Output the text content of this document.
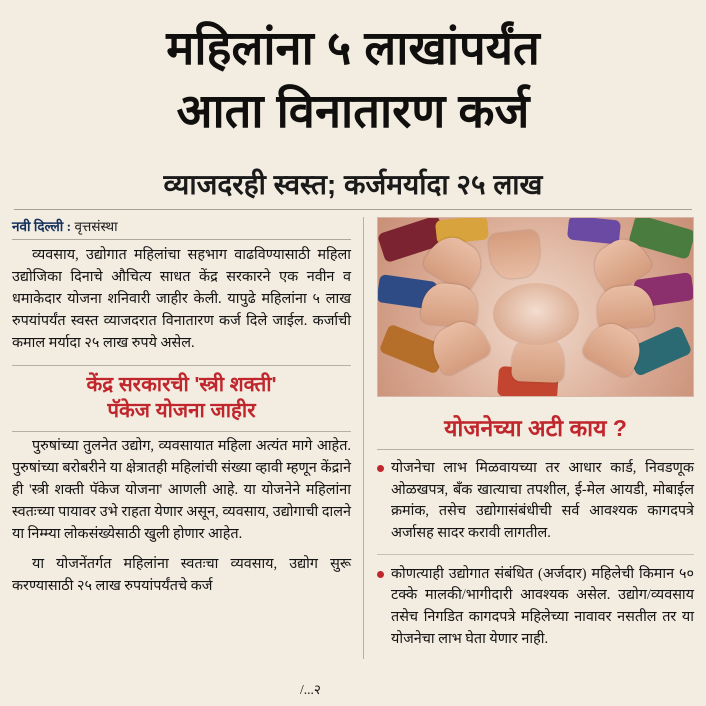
महिलांना ५ लाखांपर्यंत
आता विनातारण कर्ज
व्याजदरही स्वस्त; कर्जमर्यादा २५ लाख
नवी दिल्ली : वृत्तसंस्था

व्यवसाय, उद्योगात महिलांचा सहभाग वाढविण्यासाठी महिला उद्योजिका दिनाचे औचित्य साधत केंद्र सरकारने एक नवीन व धमाकेदार योजना शनिवारी जाहीर केली. यापुढे महिलांना ५ लाख रुपयांपर्यंत स्वस्त व्याजदरात विनातारण कर्ज दिले जाईल. कर्जाची कमाल मर्यादा २५ लाख रुपये असेल.

केंद्र सरकारची 'स्त्री शक्ती'
पॅकेज योजना जाहीर

पुरुषांच्या तुलनेत उद्योग, व्यवसायात महिला अत्यंत मागे आहेत. पुरुषांच्या बरोबरीने या क्षेत्रातही महिलांची संख्या व्हावी म्हणून केंद्राने ही 'स्त्री शक्ती पॅकेज योजना' आणली आहे. या योजनेने महिलांना स्वतःच्या पायावर उभे राहता येणार असून, व्यवसाय, उद्योगाची दालने या निम्म्या लोकसंख्येसाठी खुली होणार आहेत.

या योजनेंतर्गत महिलांना स्वतःचा व्यवसाय, उद्योग सुरू करण्यासाठी २५ लाख रुपयांपर्यंतचे कर्ज

योजनेच्या अटी काय ?
योजनेचा लाभ मिळवायच्या तर आधार कार्ड, निवडणूक ओळखपत्र, बँक खात्याचा तपशील, ई-मेल आयडी, मोबाईल क्रमांक, तसेच उद्योगासंबंधीची सर्व आवश्यक कागदपत्रे अर्जासह सादर करावी लागतील.
कोणत्याही उद्योगात संबंधित (अर्जदार) महिलेची किमान ५० टक्के मालकी/भागीदारी आवश्यक असेल. उद्योग/व्यवसाय तसेच निगडित कागदपत्रे महिलेच्या नावावर नसतील तर या योजनेचा लाभ घेता येणार नाही.
/...२
